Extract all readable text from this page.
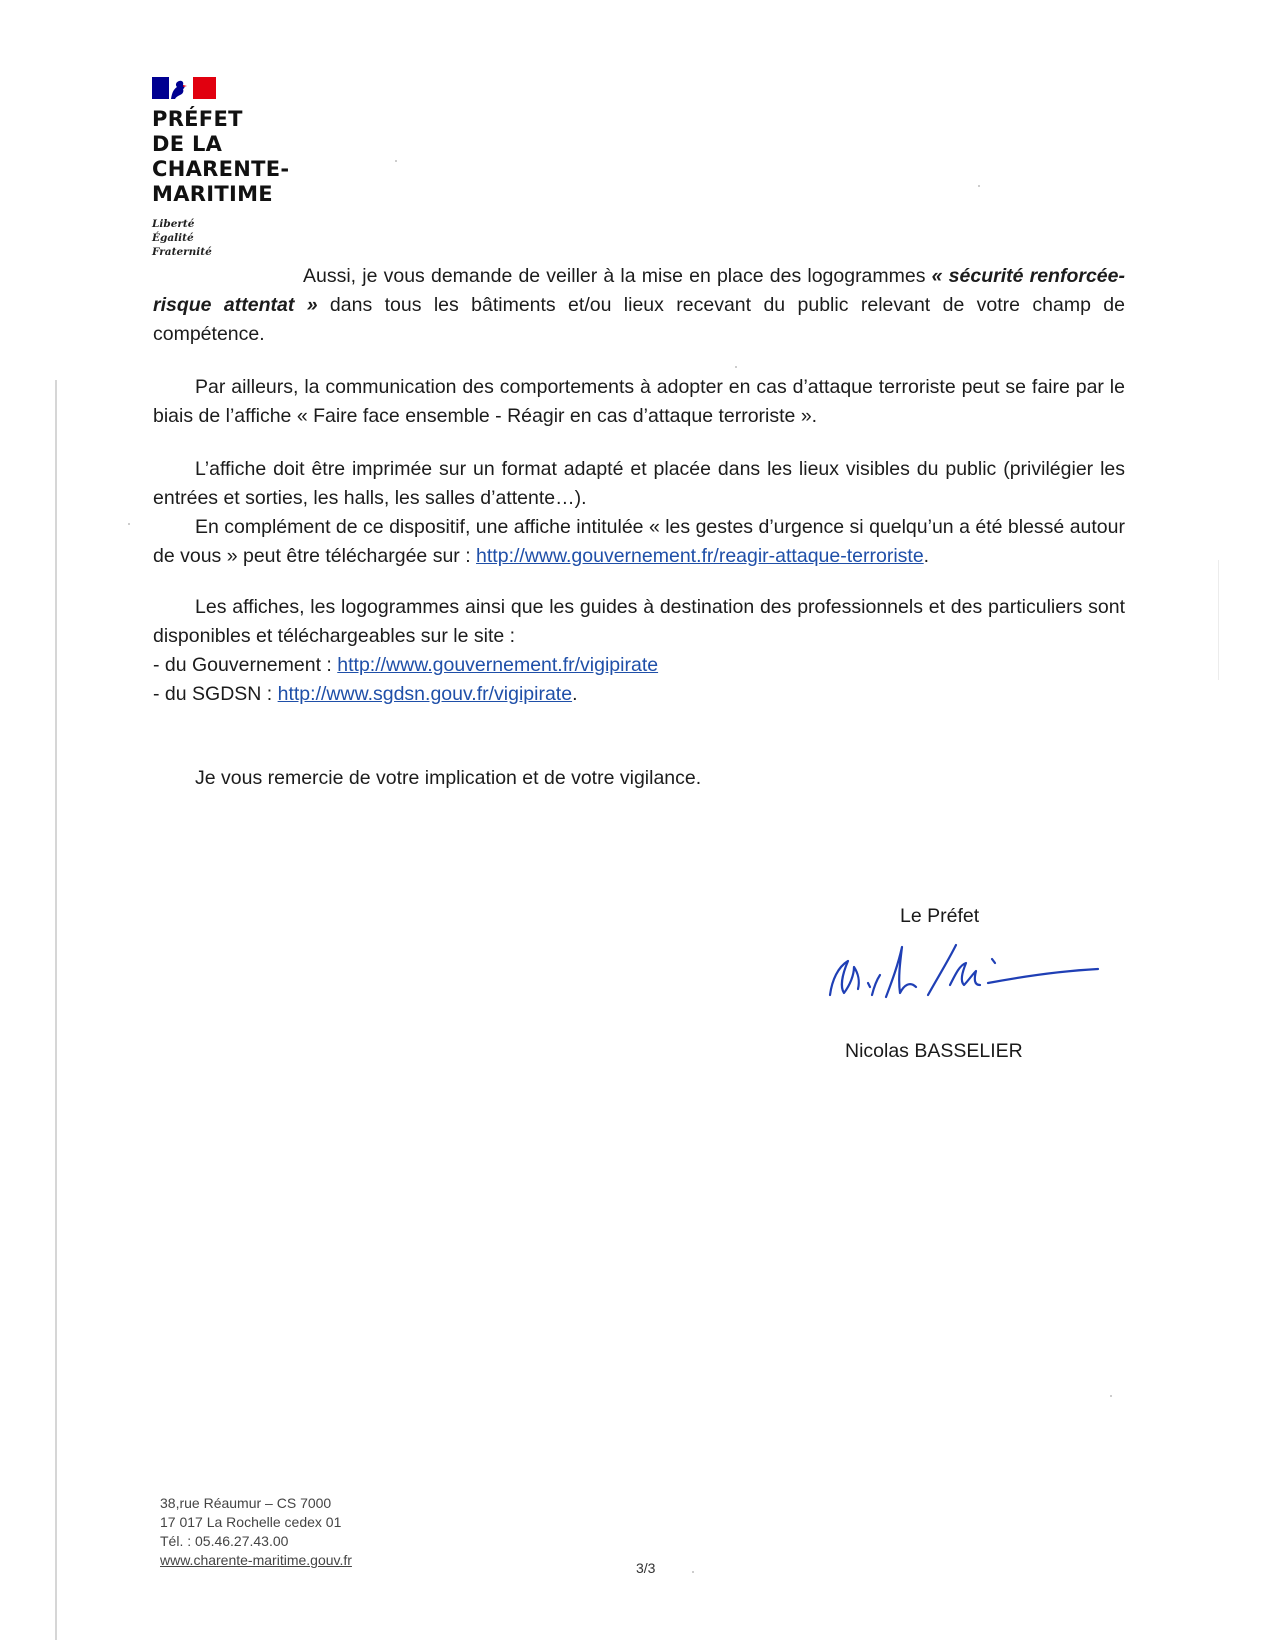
PRÉFET
DE LA
CHARENTE-
MARITIME
Liberté
Égalité
Fraternité

Aussi, je vous demande de veiller à la mise en place des logogrammes « sécurité renforcée-risque attentat » dans tous les bâtiments et/ou lieux recevant du public relevant de votre champ de compétence.

Par ailleurs, la communication des comportements à adopter en cas d’attaque terroriste peut se faire par le biais de l’affiche « Faire face ensemble - Réagir en cas d’attaque terroriste ».

L’affiche doit être imprimée sur un format adapté et placée dans les lieux visibles du public (privilégier les entrées et sorties, les halls, les salles d’attente…).

En complément de ce dispositif, une affiche intitulée « les gestes d’urgence si quelqu’un a été blessé autour de vous » peut être téléchargée sur : http://www.gouvernement.fr/reagir-attaque-terroriste.

Les affiches, les logogrammes ainsi que les guides à destination des professionnels et des particuliers sont disponibles et téléchargeables sur le site :

- du Gouvernement : http://www.gouvernement.fr/vigipirate

- du SGDSN : http://www.sgdsn.gouv.fr/vigipirate.

Je vous remercie de votre implication et de votre vigilance.

Le Préfet
Nicolas BASSELIER
38,rue Réaumur – CS 7000
17 017 La Rochelle cedex 01
Tél. : 05.46.27.43.00
www.charente-maritime.gouv.fr	3/3
